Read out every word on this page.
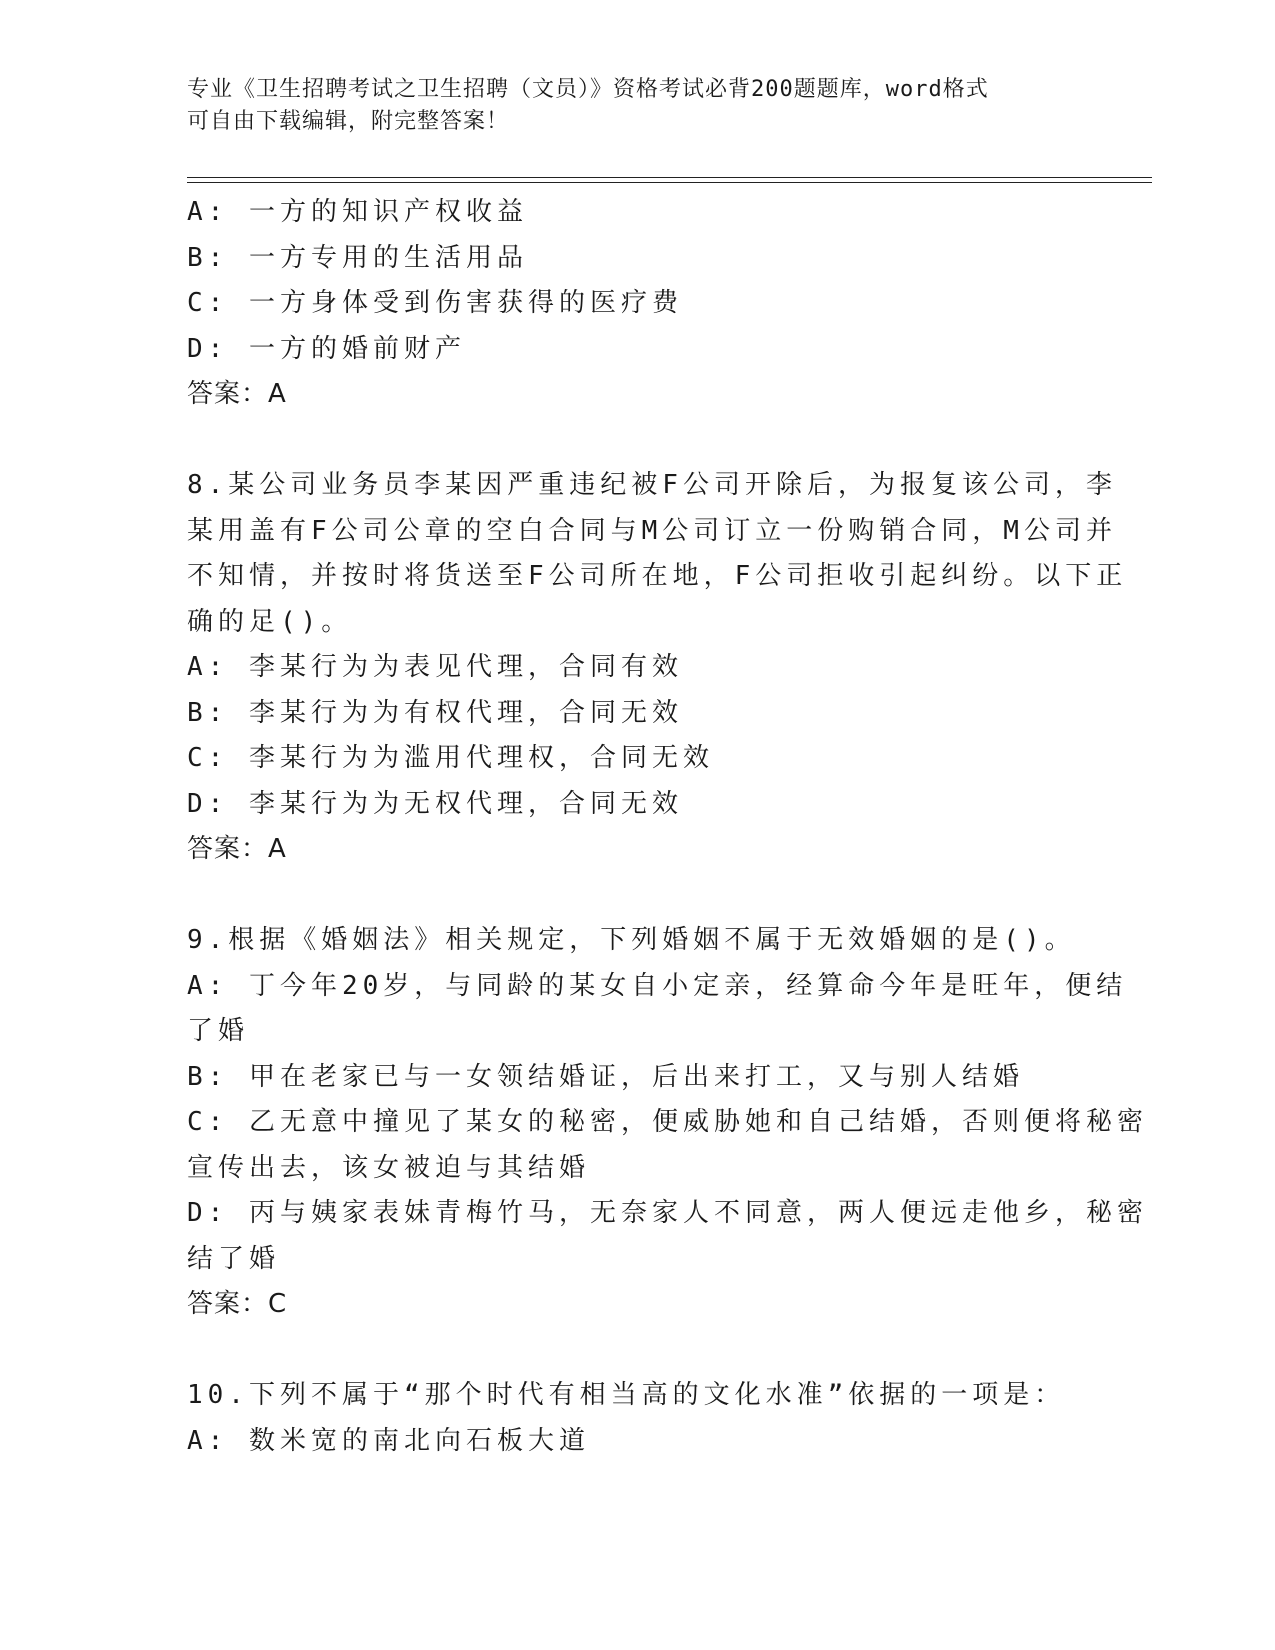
专业《卫生招聘考试之卫生招聘（文员）》资格考试必背200题题库，word格式
可自由下载编辑，附完整答案！
A: 一方的知识产权收益
B: 一方专用的生活用品
C: 一方身体受到伤害获得的医疗费
D: 一方的婚前财产
答案：A
8.某公司业务员李某因严重违纪被F公司开除后，为报复该公司，李
某用盖有F公司公章的空白合同与M公司订立一份购销合同，M公司并
不知情，并按时将货送至F公司所在地，F公司拒收引起纠纷。以下正
确的足()。
A: 李某行为为表见代理，合同有效
B: 李某行为为有权代理，合同无效
C: 李某行为为滥用代理权，合同无效
D: 李某行为为无权代理，合同无效
答案：A
9.根据《婚姻法》相关规定，下列婚姻不属于无效婚姻的是()。
A: 丁今年20岁，与同龄的某女自小定亲，经算命今年是旺年，便结
了婚
B: 甲在老家已与一女领结婚证，后出来打工，又与别人结婚
C: 乙无意中撞见了某女的秘密，便威胁她和自己结婚，否则便将秘密
宣传出去，该女被迫与其结婚
D: 丙与姨家表妹青梅竹马，无奈家人不同意，两人便远走他乡，秘密
结了婚
答案：C
10.下列不属于“那个时代有相当高的文化水准”依据的一项是：
A: 数米宽的南北向石板大道
